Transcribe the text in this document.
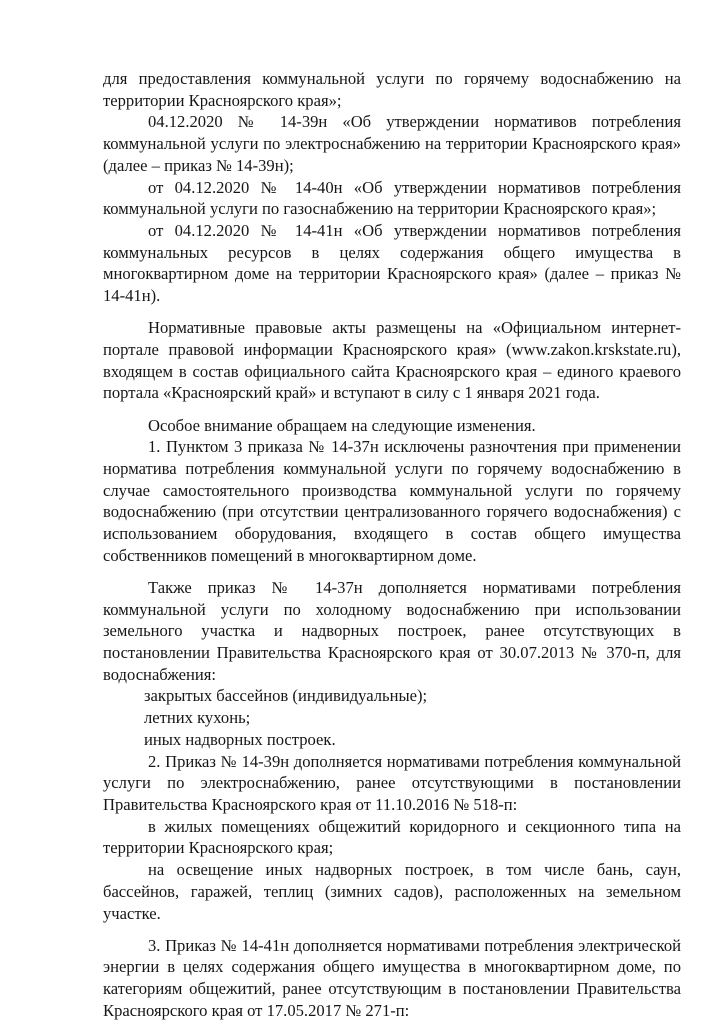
для предоставления коммунальной услуги по горячему водоснабжению на территории Красноярского края»;

04.12.2020 № 14-39н «Об утверждении нормативов потребления коммунальной услуги по электроснабжению на территории Красноярского края» (далее – приказ № 14-39н);

от 04.12.2020 № 14-40н «Об утверждении нормативов потребления коммунальной услуги по газоснабжению на территории Красноярского края»;

от 04.12.2020 № 14-41н «Об утверждении нормативов потребления коммунальных ресурсов в целях содержания общего имущества в многоквартирном доме на территории Красноярского края» (далее – приказ № 14-41н).

Нормативные правовые акты размещены на «Официальном интернет-портале правовой информации Красноярского края» (www.zakon.krskstate.ru), входящем в состав официального сайта Красноярского края – единого краевого портала «Красноярский край» и вступают в силу с 1 января 2021 года.

Особое внимание обращаем на следующие изменения.

1. Пунктом 3 приказа № 14-37н исключены разночтения при применении норматива потребления коммунальной услуги по горячему водоснабжению в случае самостоятельного производства коммунальной услуги по горячему водоснабжению (при отсутствии централизованного горячего водоснабжения) с использованием оборудования, входящего в состав общего имущества собственников помещений в многоквартирном доме.

Также приказ № 14-37н дополняется нормативами потребления коммунальной услуги по холодному водоснабжению при использовании земельного участка и надворных построек, ранее отсутствующих в постановлении Правительства Красноярского края от 30.07.2013 № 370-п, для водоснабжения:

закрытых бассейнов (индивидуальные);

летних кухонь;

иных надворных построек.

2. Приказ № 14-39н дополняется нормативами потребления коммунальной услуги по электроснабжению, ранее отсутствующими в постановлении Правительства Красноярского края от 11.10.2016 № 518-п:

в жилых помещениях общежитий коридорного и секционного типа на территории Красноярского края;

на освещение иных надворных построек, в том числе бань, саун, бассейнов, гаражей, теплиц (зимних садов), расположенных на земельном участке.

3. Приказ № 14-41н дополняется нормативами потребления электрической энергии в целях содержания общего имущества в многоквартирном доме, по категориям общежитий, ранее отсутствующим в постановлении Правительства Красноярского края от 17.05.2017 № 271-п:
